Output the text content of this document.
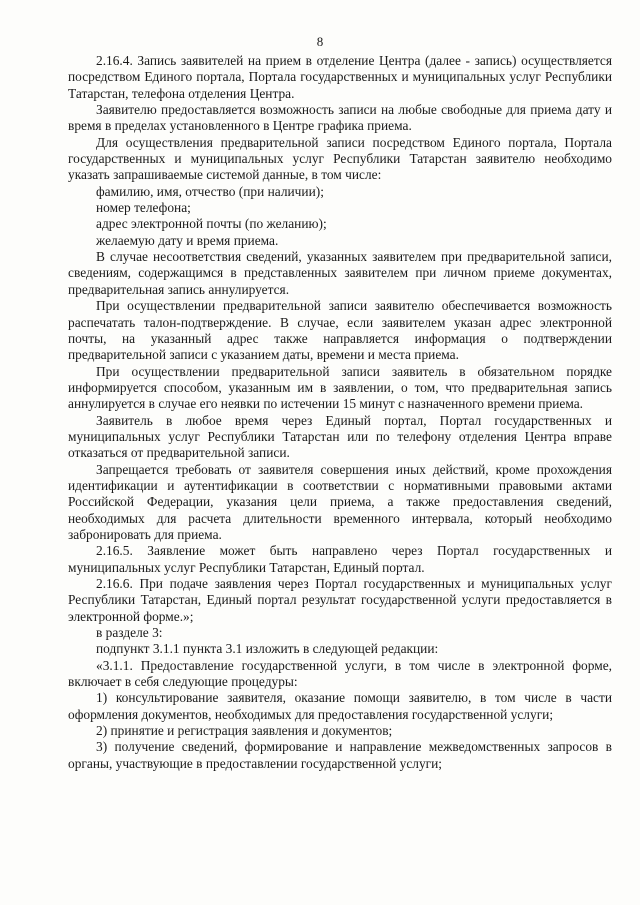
8

2.16.4. Запись заявителей на прием в отделение Центра (далее - запись) осуществляется посредством Единого портала, Портала государственных и муниципальных услуг Республики Татарстан, телефона отделения Центра.

Заявителю предоставляется возможность записи на любые свободные для приема дату и время в пределах установленного в Центре графика приема.

Для осуществления предварительной записи посредством Единого портала, Портала государственных и муниципальных услуг Республики Татарстан заявителю необходимо указать запрашиваемые системой данные, в том числе:

фамилию, имя, отчество (при наличии);

номер телефона;

адрес электронной почты (по желанию);

желаемую дату и время приема.

В случае несоответствия сведений, указанных заявителем при предварительной записи, сведениям, содержащимся в представленных заявителем при личном приеме документах, предварительная запись аннулируется.

При осуществлении предварительной записи заявителю обеспечивается возможность распечатать талон-подтверждение. В случае, если заявителем указан адрес электронной почты, на указанный адрес также направляется информация о подтверждении предварительной записи с указанием даты, времени и места приема.

При осуществлении предварительной записи заявитель в обязательном порядке информируется способом, указанным им в заявлении, о том, что предварительная запись аннулируется в случае его неявки по истечении 15 минут с назначенного времени приема.

Заявитель в любое время через Единый портал, Портал государственных и муниципальных услуг Республики Татарстан или по телефону отделения Центра вправе отказаться от предварительной записи.

Запрещается требовать от заявителя совершения иных действий, кроме прохождения идентификации и аутентификации в соответствии с нормативными правовыми актами Российской Федерации, указания цели приема, а также предоставления сведений, необходимых для расчета длительности временного интервала, который необходимо забронировать для приема.

2.16.5. Заявление может быть направлено через Портал государственных и муниципальных услуг Республики Татарстан, Единый портал.

2.16.6. При подаче заявления через Портал государственных и муниципальных услуг Республики Татарстан, Единый портал результат государственной услуги предоставляется в электронной форме.»;

в разделе 3:

подпункт 3.1.1 пункта 3.1 изложить в следующей редакции:

«3.1.1. Предоставление государственной услуги, в том числе в электронной форме, включает в себя следующие процедуры:

1) консультирование заявителя, оказание помощи заявителю, в том числе в части оформления документов, необходимых для предоставления государственной услуги;

2) принятие и регистрация заявления и документов;

3) получение сведений, формирование и направление межведомственных запросов в органы, участвующие в предоставлении государственной услуги;
